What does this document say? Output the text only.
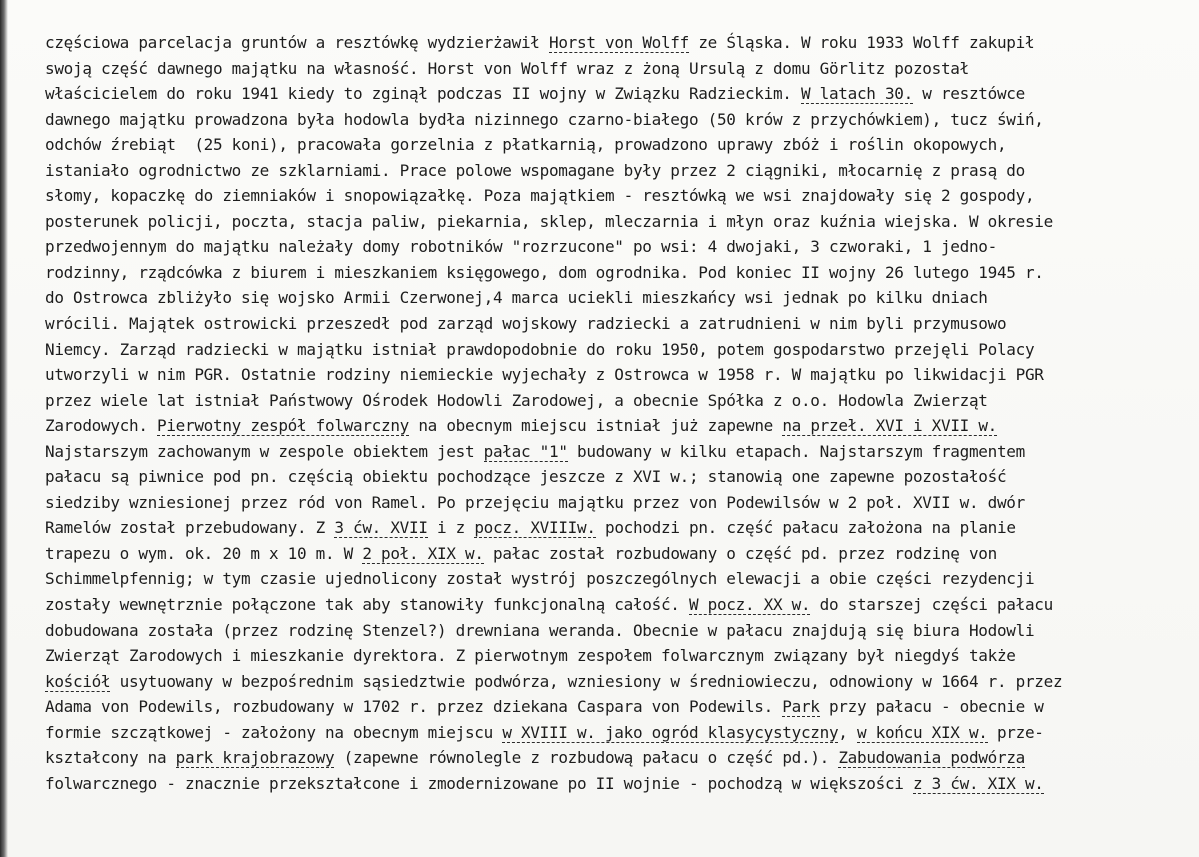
częściowa parcelacja gruntów a resztówkę wydzierżawił Horst von Wolff ze Śląska. W roku 1933 Wolff zakupił
swoją część dawnego majątku na własność. Horst von Wolff wraz z żoną Ursulą z domu Görlitz pozostał
właścicielem do roku 1941 kiedy to zginął podczas II wojny w Związku Radzieckim. W latach 30. w resztówce
dawnego majątku prowadzona była hodowla bydła nizinnego czarno-białego (50 krów z przychówkiem), tucz świń,
odchów źrebiąt  (25 koni), pracowała gorzelnia z płatkarnią, prowadzono uprawy zbóż i roślin okopowych,
istaniało ogrodnictwo ze szklarniami. Prace polowe wspomagane były przez 2 ciągniki, młocarnię z prasą do
słomy, kopaczkę do ziemniaków i snopowiązałkę. Poza majątkiem - resztówką we wsi znajdowały się 2 gospody,
posterunek policji, poczta, stacja paliw, piekarnia, sklep, mleczarnia i młyn oraz kuźnia wiejska. W okresie
przedwojennym do majątku należały domy robotników "rozrzucone" po wsi: 4 dwojaki, 3 czworaki, 1 jedno-
rodzinny, rządcówka z biurem i mieszkaniem księgowego, dom ogrodnika. Pod koniec II wojny 26 lutego 1945 r.
do Ostrowca zbliżyło się wojsko Armii Czerwonej,4 marca uciekli mieszkańcy wsi jednak po kilku dniach
wrócili. Majątek ostrowicki przeszedł pod zarząd wojskowy radziecki a zatrudnieni w nim byli przymusowo
Niemcy. Zarząd radziecki w majątku istniał prawdopodobnie do roku 1950, potem gospodarstwo przejęli Polacy
utworzyli w nim PGR. Ostatnie rodziny niemieckie wyjechały z Ostrowca w 1958 r. W majątku po likwidacji PGR
przez wiele lat istniał Państwowy Ośrodek Hodowli Zarodowej, a obecnie Spółka z o.o. Hodowla Zwierząt
Zarodowych. Pierwotny zespół folwarczny na obecnym miejscu istniał już zapewne na przeł. XVI i XVII w.
Najstarszym zachowanym w zespole obiektem jest pałac "1" budowany w kilku etapach. Najstarszym fragmentem
pałacu są piwnice pod pn. częścią obiektu pochodzące jeszcze z XVI w.; stanowią one zapewne pozostałość
siedziby wzniesionej przez ród von Ramel. Po przejęciu majątku przez von Podewilsów w 2 poł. XVII w. dwór
Ramelów został przebudowany. Z 3 ćw. XVII i z pocz. XVIIIw. pochodzi pn. część pałacu założona na planie
trapezu o wym. ok. 20 m x 10 m. W 2 poł. XIX w. pałac został rozbudowany o część pd. przez rodzinę von
Schimmelpfennig; w tym czasie ujednolicony został wystrój poszczególnych elewacji a obie części rezydencji
zostały wewnętrznie połączone tak aby stanowiły funkcjonalną całość. W pocz. XX w. do starszej części pałacu
dobudowana została (przez rodzinę Stenzel?) drewniana weranda. Obecnie w pałacu znajdują się biura Hodowli
Zwierząt Zarodowych i mieszkanie dyrektora. Z pierwotnym zespołem folwarcznym związany był niegdyś także
kościół usytuowany w bezpośrednim sąsiedztwie podwórza, wzniesiony w średniowieczu, odnowiony w 1664 r. przez
Adama von Podewils, rozbudowany w 1702 r. przez dziekana Caspara von Podewils. Park przy pałacu - obecnie w
formie szczątkowej - założony na obecnym miejscu w XVIII w. jako ogród klasycystyczny, w końcu XIX w. prze-
kształcony na park krajobrazowy (zapewne równolegle z rozbudową pałacu o część pd.). Zabudowania podwórza
folwarcznego - znacznie przekształcone i zmodernizowane po II wojnie - pochodzą w większości z 3 ćw. XIX w.
